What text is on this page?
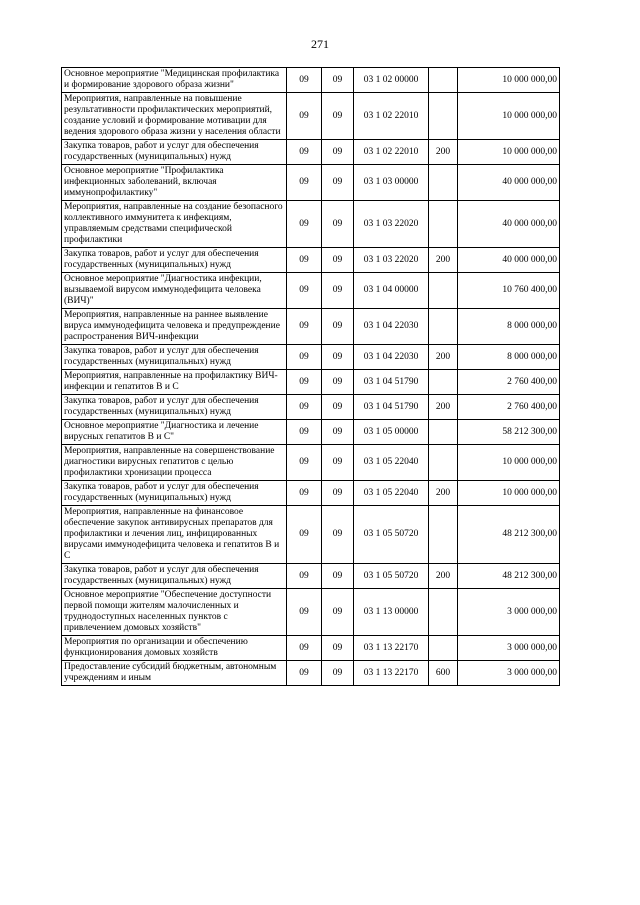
271
Основное мероприятие "Медицинская профилактика и формирование здорового образа жизни"	09	09	03 1 02 00000		10 000 000,00
Мероприятия, направленные на повышение результативности профилактических мероприятий, создание условий и формирование мотивации для ведения здорового образа жизни у населения области	09	09	03 1 02 22010		10 000 000,00
Закупка товаров, работ и услуг для обеспечения государственных (муниципальных) нужд	09	09	03 1 02 22010	200	10 000 000,00
Основное мероприятие "Профилактика инфекционных заболеваний, включая иммунопрофилактику"	09	09	03 1 03 00000		40 000 000,00
Мероприятия, направленные на создание безопасного коллективного иммунитета к инфекциям, управляемым средствами специфической профилактики	09	09	03 1 03 22020		40 000 000,00
Закупка товаров, работ и услуг для обеспечения государственных (муниципальных) нужд	09	09	03 1 03 22020	200	40 000 000,00
Основное мероприятие "Диагностика инфекции, вызываемой вирусом иммунодефицита человека (ВИЧ)"	09	09	03 1 04 00000		10 760 400,00
Мероприятия, направленные на раннее выявление вируса иммунодефицита человека и предупреждение распространения ВИЧ-инфекции	09	09	03 1 04 22030		8 000 000,00
Закупка товаров, работ и услуг для обеспечения государственных (муниципальных) нужд	09	09	03 1 04 22030	200	8 000 000,00
Мероприятия, направленные на профилактику ВИЧ-инфекции и гепатитов B и C	09	09	03 1 04 51790		2 760 400,00
Закупка товаров, работ и услуг для обеспечения государственных (муниципальных) нужд	09	09	03 1 04 51790	200	2 760 400,00
Основное мероприятие "Диагностика и лечение вирусных гепатитов B и C"	09	09	03 1 05 00000		58 212 300,00
Мероприятия, направленные на совершенствование диагностики вирусных гепатитов с целью профилактики хронизации процесса	09	09	03 1 05 22040		10 000 000,00
Закупка товаров, работ и услуг для обеспечения государственных (муниципальных) нужд	09	09	03 1 05 22040	200	10 000 000,00
Мероприятия, направленные на финансовое обеспечение закупок антивирусных препаратов для профилактики и лечения лиц, инфицированных вирусами иммунодефицита человека и гепатитов B и C	09	09	03 1 05 50720		48 212 300,00
Закупка товаров, работ и услуг для обеспечения государственных (муниципальных) нужд	09	09	03 1 05 50720	200	48 212 300,00
Основное мероприятие "Обеспечение доступности первой помощи жителям малочисленных и труднодоступных населенных пунктов с привлечением домовых хозяйств"	09	09	03 1 13 00000		3 000 000,00
Мероприятия по организации и обеспечению функционирования домовых хозяйств	09	09	03 1 13 22170		3 000 000,00

Предоставление субсидий бюджетным, автономным учреждениям и иным	09	09	03 1 13 22170	600	3 000 000,00
